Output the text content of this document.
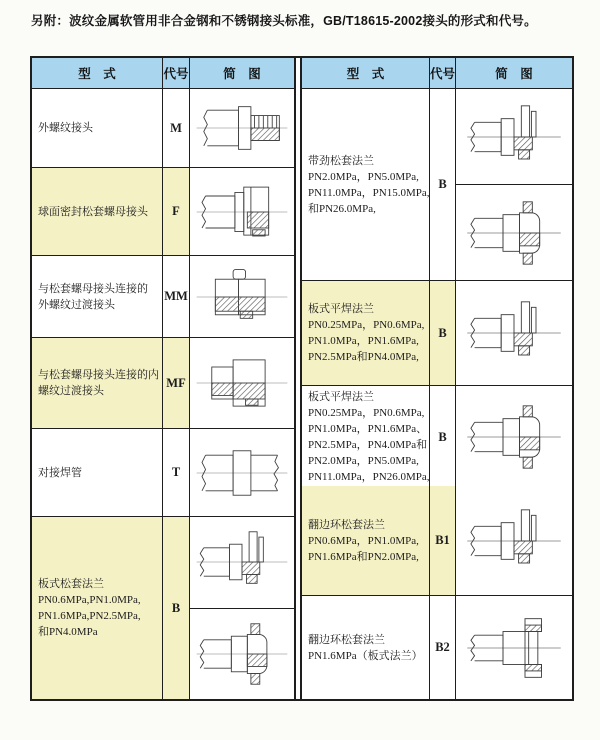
另附：波纹金属软管用非合金钢和不锈钢接头标准，GB/T18615-2002接头的形式和代号。
型　式	代号	简　图
外螺纹接头	M
球面密封松套螺母接头	F
与松套螺母接头连接的
外螺纹过渡接头
MM
与松套螺母接头连接的内
螺纹过渡接头
MF
对接焊管	T
板式松套法兰
PN0.6MPa,PN1.0MPa,
PN1.6MPa,PN2.5MPa,
和PN4.0MPa
B
型　式	代号	简　图
带劲松套法兰
PN2.0MPa，PN5.0MPa,
PN11.0MPa，PN15.0MPa,
和PN26.0MPa,
B
板式平焊法兰
PN0.25MPa，PN0.6MPa,
PN1.0MPa，PN1.6MPa,
PN2.5MPa和PN4.0MPa,
B
板式平焊法兰
PN0.25MPa，PN0.6MPa,
PN1.0MPa，PN1.6MPa、
PN2.5MPa，PN4.0MPa和
PN2.0MPa，PN5.0MPa,
PN11.0MPa，PN26.0MPa,
B
翻边环松套法兰
PN0.6MPa，PN1.0MPa,
PN1.6MPa和PN2.0MPa,
B1
翻边环松套法兰
PN1.6MPa（板式法兰）
B2
